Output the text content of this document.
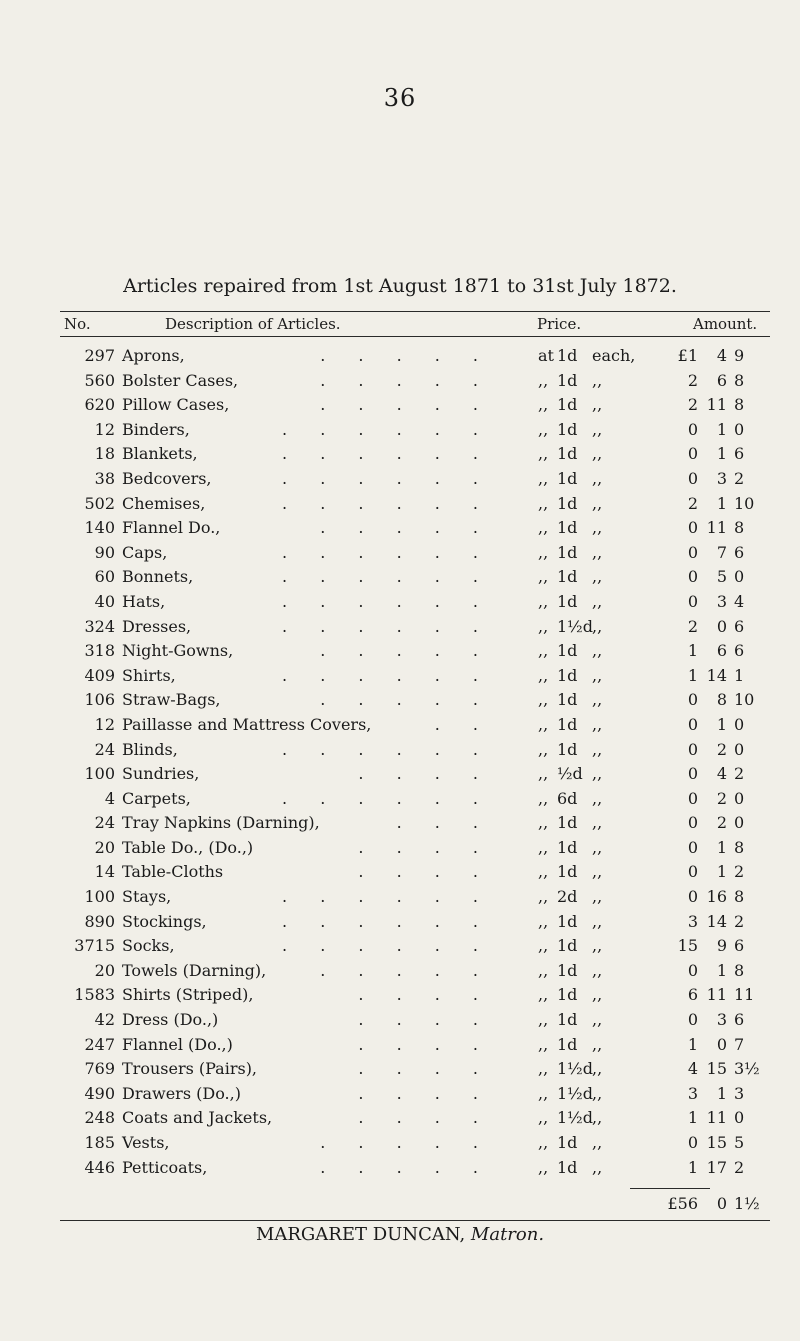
36
Articles repaired from 1st August 1871 to 31st July 1872.
No.	Description of Articles.	Price.	Amount.
297 Aprons,	. . . . .	at 1d each,	£1	4 9
560 Bolster Cases,	. . . . .	,, 1d ,,	2	6 8
620 Pillow Cases,	. . . . .	,, 1d ,,	2 11 8
12 Binders,	. . . . . .	,, 1d ,,	0	1 0
18 Blankets,	. . . . . .	,, 1d ,,	0	1 6
38 Bedcovers,	. . . . . .	,, 1d ,,	0	3 2
502 Chemises,	. . . . . .	,, 1d ,,	2	1 10
140 Flannel Do.,	. . . . .	,, 1d ,,	0 11 8
90 Caps,	. . . . . .	,, 1d ,,	0	7 6
60 Bonnets,	. . . . . .	,, 1d ,,	0	5 0
40 Hats,	. . . . . .	,, 1d ,,	0	3 4
324 Dresses,	. . . . . .	,, 1½d ,,	2	0 6
318 Night-Gowns,	. . . . .	,, 1d ,,	1	6 6
409 Shirts,	. . . . . .	,, 1d ,,	1 14 1
106 Straw-Bags,	. . . . .	,, 1d ,,	0	8 10
12 Paillasse and Mattress Covers,	. .	,, 1d ,,	0	1 0
24 Blinds,	. . . . . .	,, 1d ,,	0	2 0
100 Sundries,	. . . .	,, ½d ,,	0	4 2
4 Carpets,	. . . . . .	,, 6d ,,	0	2 0
24 Tray Napkins (Darning),	. . .	,, 1d ,,	0	2 0
20 Table Do., (Do.,)	. . . .	,, 1d ,,	0	1 8
14 Table-Cloths	. . . .	,, 1d ,,	0	1 2
100 Stays,	. . . . . .	,, 2d ,,	0 16 8
890 Stockings,	. . . . . .	,, 1d ,,	3 14 2
3715 Socks,	. . . . . .	,, 1d ,,	15	9 6
20 Towels (Darning),	. . . . .	,, 1d ,,	0	1 8
1583 Shirts (Striped),	. . . .	,, 1d ,,	6 11 11
42 Dress (Do.,)	. . . .	,, 1d ,,	0	3 6
247 Flannel (Do.,)	. . . .	,, 1d ,,	1	0 7
769 Trousers (Pairs),	. . . .	,, 1½d ,,	4 15 3½
490 Drawers (Do.,)	. . . .	,, 1½d ,,	3	1 3
248 Coats and Jackets,	. . . .	,, 1½d ,,	1 11 0
185 Vests,	. . . . .	,, 1d ,,	0 15 5
446 Petticoats,	. . . . .	,, 1d ,,	1 17 2
£56	0 1½
MARGARET DUNCAN, Matron.
